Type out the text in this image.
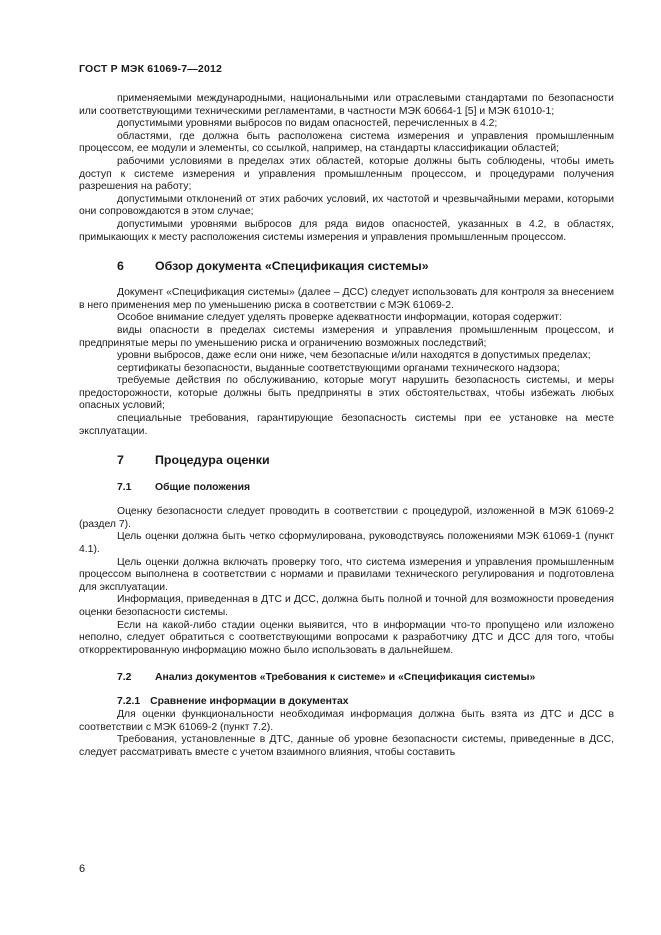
ГОСТ Р МЭК 61069-7—2012

применяемыми международными, национальными или отраслевыми стандартами по безопасности или соответствующими техническими регламентами, в частности МЭК 60664-1 [5] и МЭК 61010-1;

допустимыми уровнями выбросов по видам опасностей, перечисленных в 4.2;

областями, где должна быть расположена система измерения и управления промышленным процессом, ее модули и элементы, со ссылкой, например, на стандарты классификации областей;

рабочими условиями в пределах этих областей, которые должны быть соблюдены, чтобы иметь доступ к системе измерения и управления промышленным процессом, и процедурами получения разрешения на работу;

допустимыми отклонений от этих рабочих условий, их частотой и чрезвычайными мерами, которыми они сопровождаются в этом случае;

допустимыми уровнями выбросов для ряда видов опасностей, указанных в 4.2, в областях, примыкающих к месту расположения системы измерения и управления промышленным процессом.

6	Обзор документа «Спецификация системы»

Документ «Спецификация системы» (далее – ДСС) следует использовать для контроля за внесением в него применения мер по уменьшению риска в соответствии с МЭК 61069-2.

Особое внимание следует уделять проверке адекватности информации, которая содержит:

виды опасности в пределах системы измерения и управления промышленным процессом, и предпринятые меры по уменьшению риска и ограничению возможных последствий;

уровни выбросов, даже если они ниже, чем безопасные и/или находятся в допустимых пределах;

сертификаты безопасности, выданные соответствующими органами технического надзора;

требуемые действия по обслуживанию, которые могут нарушить безопасность системы, и меры предосторожности, которые должны быть предприняты в этих обстоятельствах, чтобы избежать любых опасных условий;

специальные требования, гарантирующие безопасность системы при ее установке на месте эксплуатации.

7	Процедура оценки
7.1	Общие положения

Оценку безопасности следует проводить в соответствии с процедурой, изложенной в МЭК 61069-2 (раздел 7).

Цель оценки должна быть четко сформулирована, руководствуясь положениями МЭК 61069-1 (пункт 4.1).

Цель оценки должна включать проверку того, что система измерения и управления промышленным процессом выполнена в соответствии с нормами и правилами технического регулирования и подготовлена для эксплуатации.

Информация, приведенная в ДТС и ДСС, должна быть полной и точной для возможности проведения оценки безопасности системы.

Если на какой-либо стадии оценки выявится, что в информации что-то пропущено или изложено неполно, следует обратиться с соответствующими вопросами к разработчику ДТС и ДСС для того, чтобы откорректированную информацию можно было использовать в дальнейшем.

7.2	Анализ документов «Требования к системе» и «Спецификация системы»

7.2.1 Сравнение информации в документах

Для оценки функциональности необходимая информация должна быть взята из ДТС и ДСС в соответствии с МЭК 61069-2 (пункт 7.2).

Требования, установленные в ДТС, данные об уровне безопасности системы, приведенные в ДСС, следует рассматривать вместе с учетом взаимного влияния, чтобы составить

6
